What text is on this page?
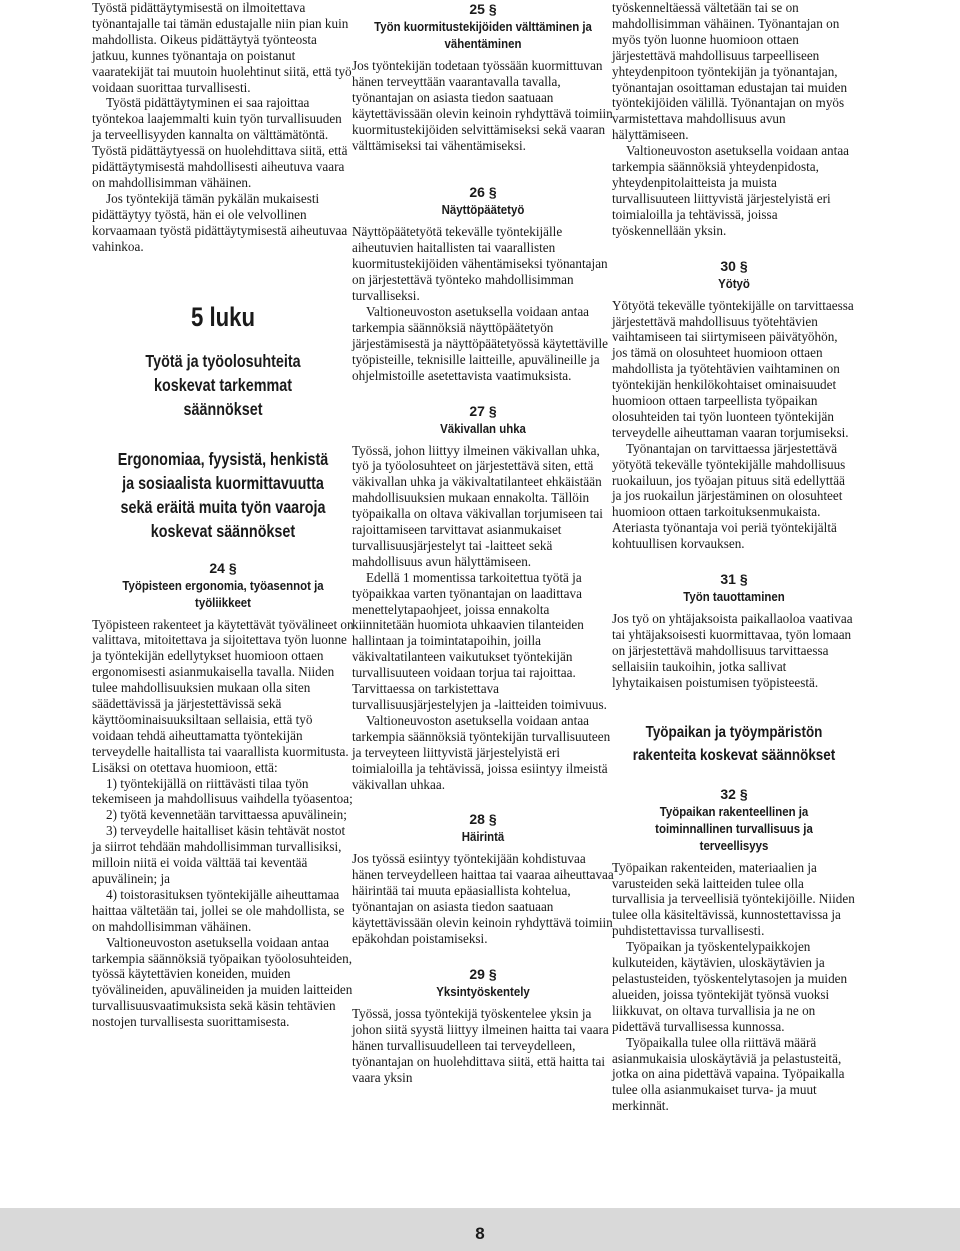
Työstä pidättäytymisestä on ilmoitettava työnantajalle tai tämän edustajalle niin pian kuin mahdollista. Oikeus pidättäytyä työnteosta jatkuu, kunnes työnantaja on poistanut vaaratekijät tai muutoin huolehtinut siitä, että työ voidaan suorittaa turvallisesti.

Työstä pidättäytyminen ei saa rajoittaa työntekoa laajemmalti kuin työn turvallisuuden ja terveellisyyden kannalta on välttämätöntä. Työstä pidättäytyessä on huolehdittava siitä, että pidättäytymisestä mahdollisesti aiheutuva vaara on mahdollisimman vähäinen.

Jos työntekijä tämän pykälän mukaisesti pidättäytyy työstä, hän ei ole velvollinen korvaamaan työstä pidättäytymisestä aiheutuvaa vahinkoa.

5 luku
Työtä ja työolosuhteita koskevat tarkemmat säännökset
Ergonomiaa, fyysistä, henkistä ja sosiaalista kuormittavuutta sekä eräitä muita työn vaaroja koskevat säännökset
24 §
Työpisteen ergonomia, työasennot ja työliikkeet

Työpisteen rakenteet ja käytettävät työvälineet on valittava, mitoitettava ja sijoitettava työn luonne ja työntekijän edellytykset huomioon ottaen ergonomisesti asianmukaisella tavalla. Niiden tulee mahdollisuuksien mukaan olla siten säädettävissä ja järjestettävissä sekä käyttöominaisuuksiltaan sellaisia, että työ voidaan tehdä aiheuttamatta työntekijän terveydelle haitallista tai vaarallista kuormitusta. Lisäksi on otettava huomioon, että:

1) työntekijällä on riittävästi tilaa työn tekemiseen ja mahdollisuus vaihdella työasentoa;

2) työtä kevennetään tarvittaessa apuvälinein;

3) terveydelle haitalliset käsin tehtävät nostot ja siirrot tehdään mahdollisimman turvallisiksi, milloin niitä ei voida välttää tai keventää apuvälinein; ja

4) toistorasituksen työntekijälle aiheuttamaa haittaa vältetään tai, jollei se ole mahdollista, se on mahdollisimman vähäinen.

Valtioneuvoston asetuksella voidaan antaa tarkempia säännöksiä työpaikan työolosuhteiden, työssä käytettävien koneiden, muiden työvälineiden, apuvälineiden ja muiden laitteiden turvallisuusvaatimuksista sekä käsin tehtävien nostojen turvallisesta suorittamisesta.

25 §
Työn kuormitustekijöiden välttäminen ja vähentäminen

Jos työntekijän todetaan työssään kuormittuvan hänen terveyttään vaarantavalla tavalla, työnantajan on asiasta tiedon saatuaan käytettävissään olevin keinoin ryhdyttävä toimiin kuormitustekijöiden selvittämiseksi sekä vaaran välttämiseksi tai vähentämiseksi.

26 §
Näyttöpäätetyö

Näyttöpäätetyötä tekevälle työntekijälle aiheutuvien haitallisten tai vaarallisten kuormitustekijöiden vähentämiseksi työnantajan on järjestettävä työnteko mahdollisimman turvalliseksi.

Valtioneuvoston asetuksella voidaan antaa tarkempia säännöksiä näyttöpäätetyön järjestämisestä ja näyttöpäätetyössä käytettäville työpisteille, teknisille laitteille, apuvälineille ja ohjelmistoille asetettavista vaatimuksista.

27 §
Väkivallan uhka

Työssä, johon liittyy ilmeinen väkivallan uhka, työ ja työolosuhteet on järjestettävä siten, että väkivallan uhka ja väkivaltatilanteet ehkäistään mahdollisuuksien mukaan ennakolta. Tällöin työpaikalla on oltava väkivallan torjumiseen tai rajoittamiseen tarvittavat asianmukaiset turvallisuusjärjestelyt tai -laitteet sekä mahdollisuus avun hälyttämiseen.

Edellä 1 momentissa tarkoitettua työtä ja työpaikkaa varten työnantajan on laadittava menettelytapaohjeet, joissa ennakolta kiinnitetään huomiota uhkaavien tilanteiden hallintaan ja toimintatapoihin, joilla väkivaltatilanteen vaikutukset työntekijän turvallisuuteen voidaan torjua tai rajoittaa. Tarvittaessa on tarkistettava turvallisuusjärjestelyjen ja -laitteiden toimivuus.

Valtioneuvoston asetuksella voidaan antaa tarkempia säännöksiä työntekijän turvallisuuteen ja terveyteen liittyvistä järjestelyistä eri toimialoilla ja tehtävissä, joissa esiintyy ilmeistä väkivallan uhkaa.

28 §
Häirintä

Jos työssä esiintyy työntekijään kohdistuvaa hänen terveydelleen haittaa tai vaaraa aiheuttavaa häirintää tai muuta epäasiallista kohtelua, työnantajan on asiasta tiedon saatuaan käytettävissään olevin keinoin ryhdyttävä toimiin epäkohdan poistamiseksi.

29 §
Yksintyöskentely

Työssä, jossa työntekijä työskentelee yksin ja johon siitä syystä liittyy ilmeinen haitta tai vaara hänen turvallisuudelleen tai terveydelleen, työnantajan on huolehdittava siitä, että haitta tai vaara yksin

työskenneltäessä vältetään tai se on mahdollisimman vähäinen. Työnantajan on myös työn luonne huomioon ottaen järjestettävä mahdollisuus tarpeelliseen yhteydenpitoon työntekijän ja työnantajan, työnantajan osoittaman edustajan tai muiden työntekijöiden välillä. Työnantajan on myös varmistettava mahdollisuus avun hälyttämiseen.

Valtioneuvoston asetuksella voidaan antaa tarkempia säännöksiä yhteydenpidosta, yhteydenpitolaitteista ja muista turvallisuuteen liittyvistä järjestelyistä eri toimialoilla ja tehtävissä, joissa työskennellään yksin.

30 §
Yötyö

Yötyötä tekevälle työntekijälle on tarvittaessa järjestettävä mahdollisuus työtehtävien vaihtamiseen tai siirtymiseen päivätyöhön, jos tämä on olosuhteet huomioon ottaen mahdollista ja työtehtävien vaihtaminen on työntekijän henkilökohtaiset ominaisuudet huomioon ottaen tarpeellista työpaikan olosuhteiden tai työn luonteen työntekijän terveydelle aiheuttaman vaaran torjumiseksi.

Työnantajan on tarvittaessa järjestettävä yötyötä tekevälle työntekijälle mahdollisuus ruokailuun, jos työajan pituus sitä edellyttää ja jos ruokailun järjestäminen on olosuhteet huomioon ottaen tarkoituksenmukaista. Ateriasta työnantaja voi periä työntekijältä kohtuullisen korvauksen.

31 §
Työn tauottaminen

Jos työ on yhtäjaksoista paikallaoloa vaativaa tai yhtäjaksoisesti kuormittavaa, työn lomaan on järjestettävä mahdollisuus tarvittaessa sellaisiin taukoihin, jotka sallivat lyhytaikaisen poistumisen työpisteestä.

Työpaikan ja työympäristön rakenteita koskevat säännökset
32 §
Työpaikan rakenteellinen ja toiminnallinen turvallisuus ja terveellisyys

Työpaikan rakenteiden, materiaalien ja varusteiden sekä laitteiden tulee olla turvallisia ja terveellisiä työntekijöille. Niiden tulee olla käsiteltävissä, kunnostettavissa ja puhdistettavissa turvallisesti.

Työpaikan ja työskentelypaikkojen kulkuteiden, käytävien, uloskäytävien ja pelastusteiden, työskentelytasojen ja muiden alueiden, joissa työntekijät työnsä vuoksi liikkuvat, on oltava turvallisia ja ne on pidettävä turvallisessa kunnossa.

Työpaikalla tulee olla riittävä määrä asianmukaisia uloskäytäviä ja pelastusteitä, jotka on aina pidettävä vapaina. Työpaikalla tulee olla asianmukaiset turva- ja muut merkinnät.

8
